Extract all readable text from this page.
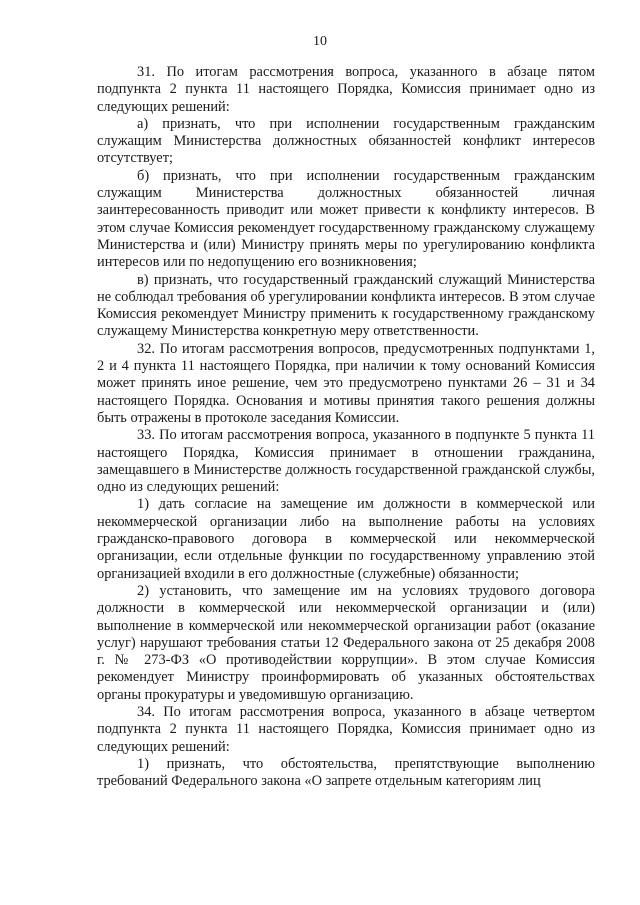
10

31. По итогам рассмотрения вопроса, указанного в абзаце пятом подпункта 2 пункта 11 настоящего Порядка, Комиссия принимает одно из следующих решений:

а) признать, что при исполнении государственным гражданским служащим Министерства должностных обязанностей конфликт интересов отсутствует;

б) признать, что при исполнении государственным гражданским служащим Министерства должностных обязанностей личная заинтересованность приводит или может привести к конфликту интересов. В этом случае Комиссия рекомендует государственному гражданскому служащему Министерства и (или) Министру принять меры по урегулированию конфликта интересов или по недопущению его возникновения;

в) признать, что государственный гражданский служащий Министерства не соблюдал требования об урегулировании конфликта интересов. В этом случае Комиссия рекомендует Министру применить к государственному гражданскому служащему Министерства конкретную меру ответственности.

32. По итогам рассмотрения вопросов, предусмотренных подпунктами 1, 2 и 4 пункта 11 настоящего Порядка, при наличии к тому оснований Комиссия может принять иное решение, чем это предусмотрено пунктами 26 – 31 и 34 настоящего Порядка. Основания и мотивы принятия такого решения должны быть отражены в протоколе заседания Комиссии.

33. По итогам рассмотрения вопроса, указанного в подпункте 5 пункта 11 настоящего Порядка, Комиссия принимает в отношении гражданина, замещавшего в Министерстве должность государственной гражданской службы, одно из следующих решений:

1) дать согласие на замещение им должности в коммерческой или некоммерческой организации либо на выполнение работы на условиях гражданско-правового договора в коммерческой или некоммерческой организации, если отдельные функции по государственному управлению этой организацией входили в его должностные (служебные) обязанности;

2) установить, что замещение им на условиях трудового договора должности в коммерческой или некоммерческой организации и (или) выполнение в коммерческой или некоммерческой организации работ (оказание услуг) нарушают требования статьи 12 Федерального закона от 25 декабря 2008 г. № 273-ФЗ «О противодействии коррупции». В этом случае Комиссия рекомендует Министру проинформировать об указанных обстоятельствах органы прокуратуры и уведомившую организацию.

34. По итогам рассмотрения вопроса, указанного в абзаце четвертом подпункта 2 пункта 11 настоящего Порядка, Комиссия принимает одно из следующих решений:

1) признать, что обстоятельства, препятствующие выполнению требований Федерального закона «О запрете отдельным категориям лиц
